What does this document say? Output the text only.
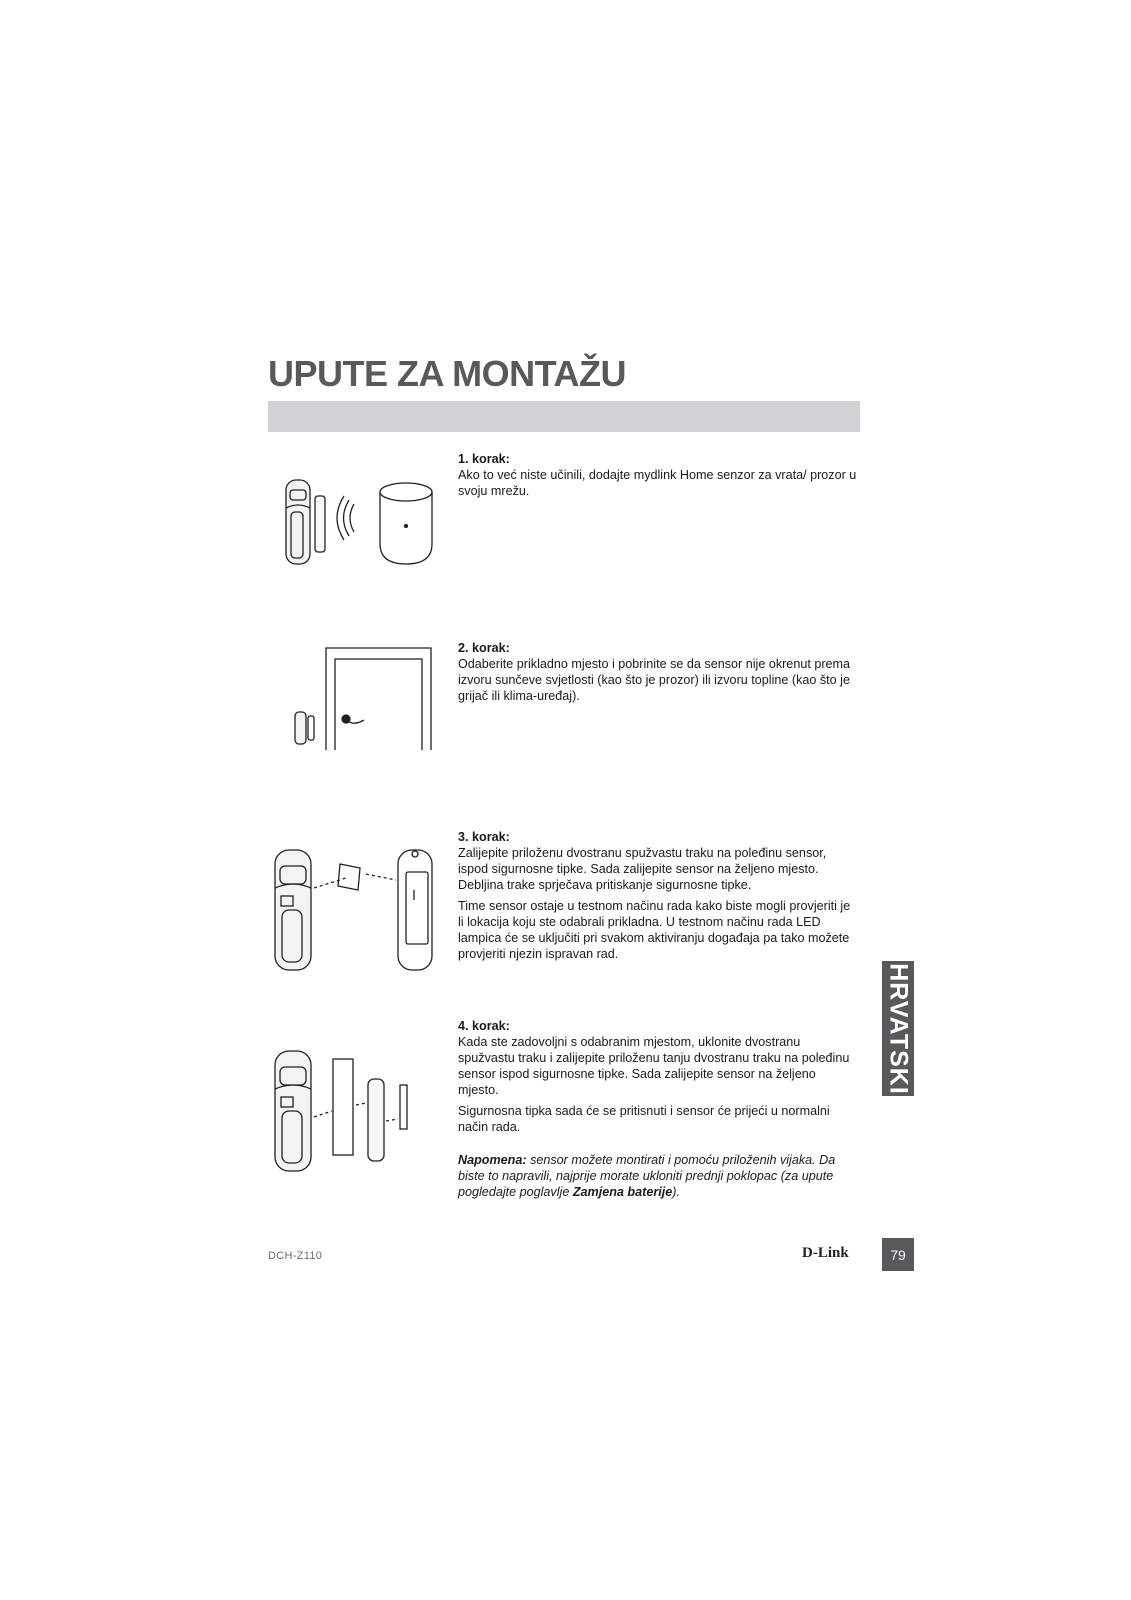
UPUTE ZA MONTAŽU
1. korak:
Ako to već niste učinili, dodajte mydlink Home senzor za vrata/ prozor u svoju mrežu.
2. korak:
Odaberite prikladno mjesto i pobrinite se da sensor nije okrenut prema izvoru sunčeve svjetlosti (kao što je prozor) ili izvoru topline (kao što je grijač ili klima-uređaj).
3. korak:
Zalijepite priloženu dvostranu spužvastu traku na poleđinu sensor, ispod sigurnosne tipke. Sada zalijepite sensor na željeno mjesto. Debljina trake sprječava pritiskanje sigurnosne tipke.
Time sensor ostaje u testnom načinu rada kako biste mogli provjeriti je li lokacija koju ste odabrali prikladna. U testnom načinu rada LED lampica će se uključiti pri svakom aktiviranju događaja pa tako možete provjeriti njezin ispravan rad.
4. korak:
Kada ste zadovoljni s odabranim mjestom, uklonite dvostranu spužvastu traku i zalijepite priloženu tanju dvostranu traku na poleđinu sensor ispod sigurnosne tipke. Sada zalijepite sensor na željeno mjesto.
Sigurnosna tipka sada će se pritisnuti i sensor će prijeći u normalni način rada.
Napomena: sensor možete montirati i pomoću priloženih vijaka. Da biste to napravili, najprije morate ukloniti prednji poklopac (za upute pogledajte poglavlje Zamjena baterije).
HRVATSKI
DCH-Z110	D-Link	79
